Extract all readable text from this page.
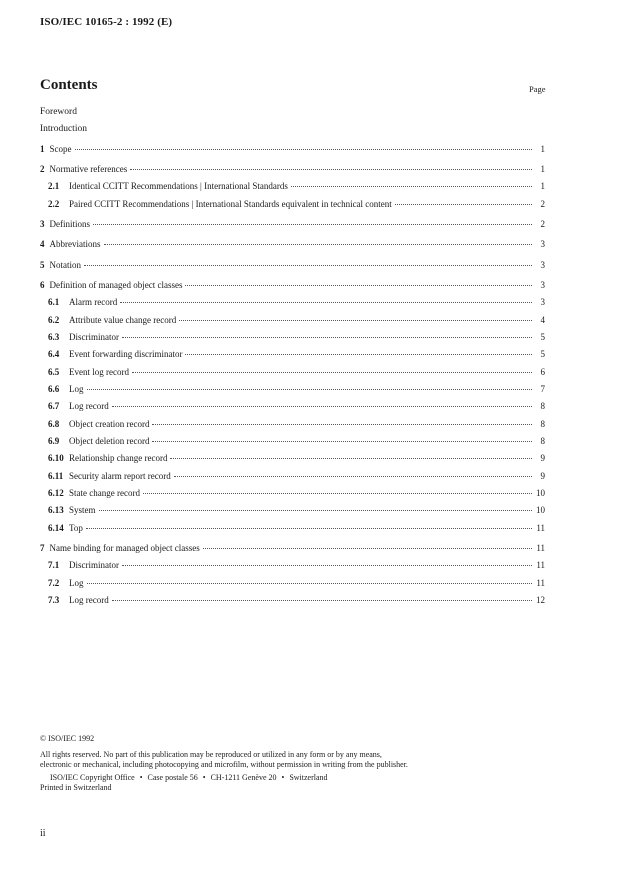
ISO/IEC 10165-2 : 1992 (E)
Contents	Page
Foreword
Introduction
1 Scope	1
2 Normative references	1
2.1	Identical CCITT Recommendations | International Standards	1
2.2	Paired CCITT Recommendations | International Standards equivalent in technical content	2
3 Definitions	2
4 Abbreviations	3
5 Notation	3
6 Definition of managed object classes	3
6.1	Alarm record	3
6.2	Attribute value change record	4
6.3	Discriminator	5
6.4	Event forwarding discriminator	5
6.5	Event log record	6
6.6	Log	7
6.7	Log record	8
6.8	Object creation record	8
6.9	Object deletion record	8
6.10 Relationship change record	9
6.11 Security alarm report record	9
6.12 State change record	10
6.13 System	10
6.14 Top	11
7 Name binding for managed object classes	11
7.1	Discriminator	11
7.2	Log	11
7.3	Log record	12

© ISO/IEC 1992

All rights reserved. No part of this publication may be reproduced or utilized in any form or by any means, electronic or mechanical, including photocopying and microfilm, without permission in writing from the publisher.

ISO/IEC Copyright Office • Case postale 56 • CH-1211 Genève 20 • Switzerland

Printed in Switzerland

ii
